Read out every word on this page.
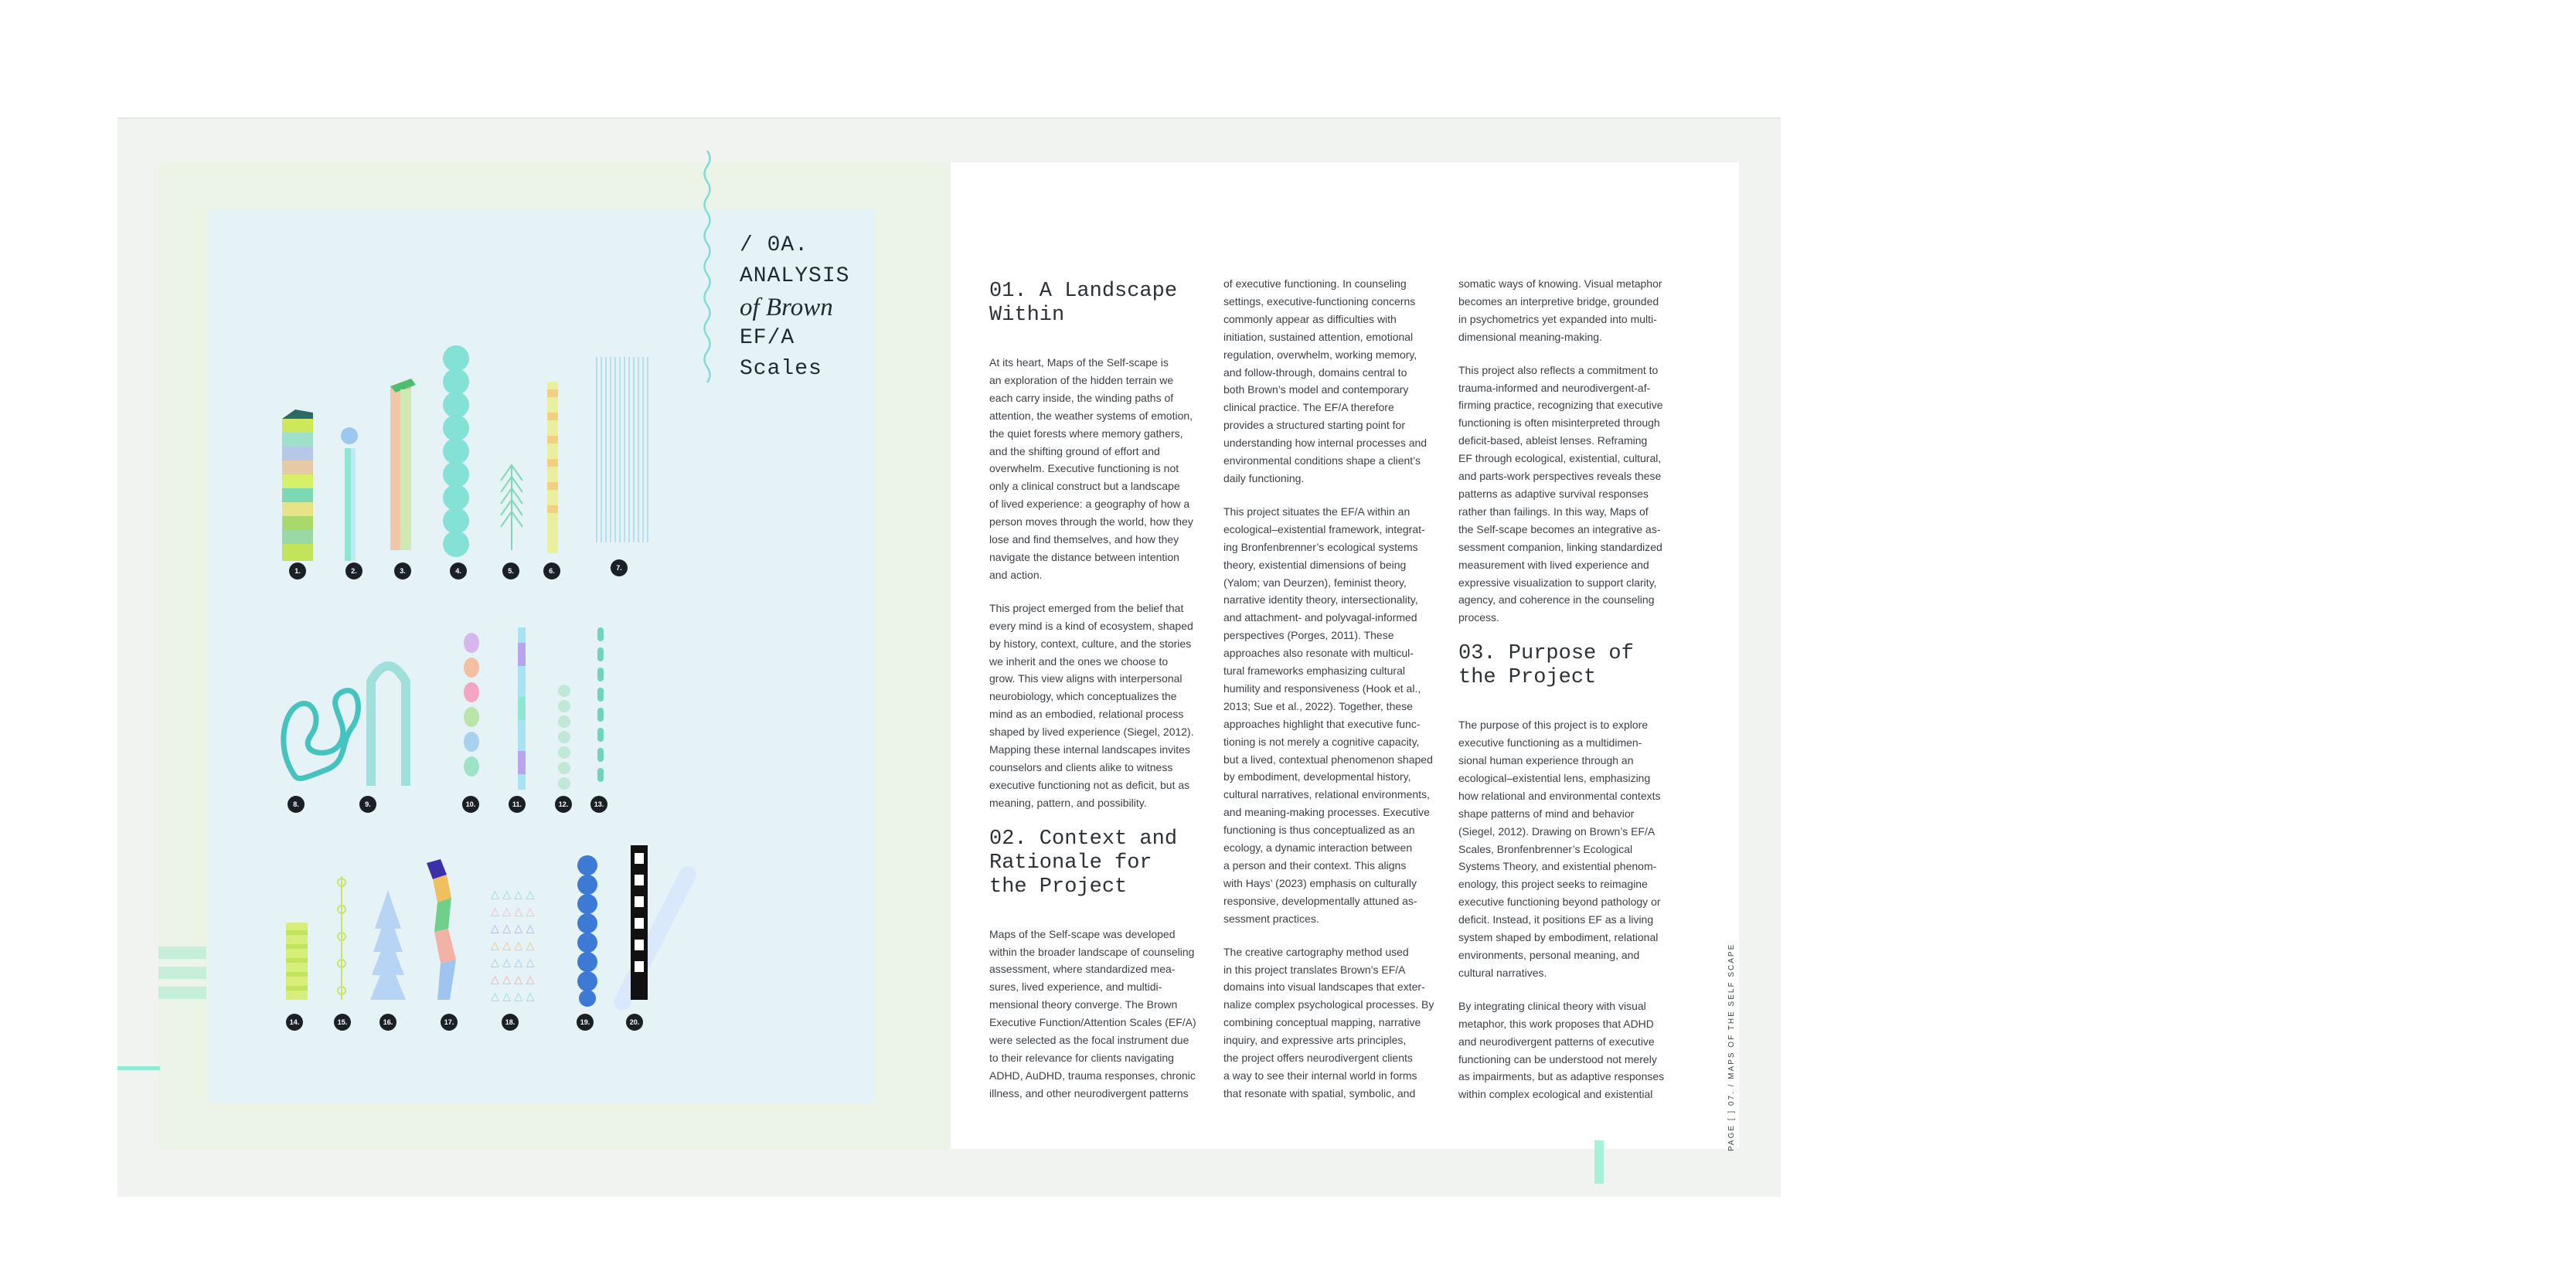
/ 0A.
ANALYSIS
of Brown
EF/A
Scales
△ △ △ △
△ △ △ △
△ △ △ △
△ △ △ △
△ △ △ △
△ △ △ △
△ △ △ △
1.	2.	3.	4.	5.	6.	7.
8.	9.	10.	11.	12.	13.
14.	15.	16.	17.	18.	19.	20.
01. A Landscape
Within

At its heart, Maps of the Self-scape is
an exploration of the hidden terrain we
each carry inside, the winding paths of
attention, the weather systems of emotion,
the quiet forests where memory gathers,
and the shifting ground of effort and
overwhelm. Executive functioning is not
only a clinical construct but a landscape
of lived experience: a geography of how a
person moves through the world, how they
lose and find themselves, and how they
navigate the distance between intention
and action.

This project emerged from the belief that
every mind is a kind of ecosystem, shaped
by history, context, culture, and the stories
we inherit and the ones we choose to
grow. This view aligns with interpersonal
neurobiology, which conceptualizes the
mind as an embodied, relational process
shaped by lived experience (Siegel, 2012).
Mapping these internal landscapes invites
counselors and clients alike to witness
executive functioning not as deficit, but as
meaning, pattern, and possibility.

02. Context and
Rationale for
the Project

Maps of the Self-scape was developed
within the broader landscape of counseling
assessment, where standardized mea-
sures, lived experience, and multidi-
mensional theory converge. The Brown
Executive Function/Attention Scales (EF/A)
were selected as the focal instrument due
to their relevance for clients navigating
ADHD, AuDHD, trauma responses, chronic
illness, and other neurodivergent patterns

of executive functioning. In counseling
settings, executive-functioning concerns
commonly appear as difficulties with
initiation, sustained attention, emotional
regulation, overwhelm, working memory,
and follow-through, domains central to
both Brown’s model and contemporary
clinical practice. The EF/A therefore
provides a structured starting point for
understanding how internal processes and
environmental conditions shape a client’s
daily functioning.

This project situates the EF/A within an
ecological–existential framework, integrat-
ing Bronfenbrenner’s ecological systems
theory, existential dimensions of being
(Yalom; van Deurzen), feminist theory,
narrative identity theory, intersectionality,
and attachment- and polyvagal-informed
perspectives (Porges, 2011). These
approaches also resonate with multicul-
tural frameworks emphasizing cultural
humility and responsiveness (Hook et al.,
2013; Sue et al., 2022). Together, these
approaches highlight that executive func-
tioning is not merely a cognitive capacity,
but a lived, contextual phenomenon shaped
by embodiment, developmental history,
cultural narratives, relational environments,
and meaning-making processes. Executive
functioning is thus conceptualized as an
ecology, a dynamic interaction between
a person and their context. This aligns
with Hays’ (2023) emphasis on culturally
responsive, developmentally attuned as-
sessment practices.

The creative cartography method used
in this project translates Brown’s EF/A
domains into visual landscapes that exter-
nalize complex psychological processes. By
combining conceptual mapping, narrative
inquiry, and expressive arts principles,
the project offers neurodivergent clients
a way to see their internal world in forms
that resonate with spatial, symbolic, and

somatic ways of knowing. Visual metaphor
becomes an interpretive bridge, grounded
in psychometrics yet expanded into multi-
dimensional meaning-making.

This project also reflects a commitment to
trauma-informed and neurodivergent-af-
firming practice, recognizing that executive
functioning is often misinterpreted through
deficit-based, ableist lenses. Reframing
EF through ecological, existential, cultural,
and parts-work perspectives reveals these
patterns as adaptive survival responses
rather than failings. In this way, Maps of
the Self-scape becomes an integrative as-
sessment companion, linking standardized
measurement with lived experience and
expressive visualization to support clarity,
agency, and coherence in the counseling
process.

03. Purpose of
the Project

The purpose of this project is to explore
executive functioning as a multidimen-
sional human experience through an
ecological–existential lens, emphasizing
how relational and environmental contexts
shape patterns of mind and behavior
(Siegel, 2012). Drawing on Brown’s EF/A
Scales, Bronfenbrenner’s Ecological
Systems Theory, and existential phenom-
enology, this project seeks to reimagine
executive functioning beyond pathology or
deficit. Instead, it positions EF as a living
system shaped by embodiment, relational
environments, personal meaning, and
cultural narratives.

By integrating clinical theory with visual
metaphor, this work proposes that ADHD
and neurodivergent patterns of executive
functioning can be understood not merely
as impairments, but as adaptive responses
within complex ecological and existential	PAGE [ ] 07. / MAPS OF THE SELF SCAPE
